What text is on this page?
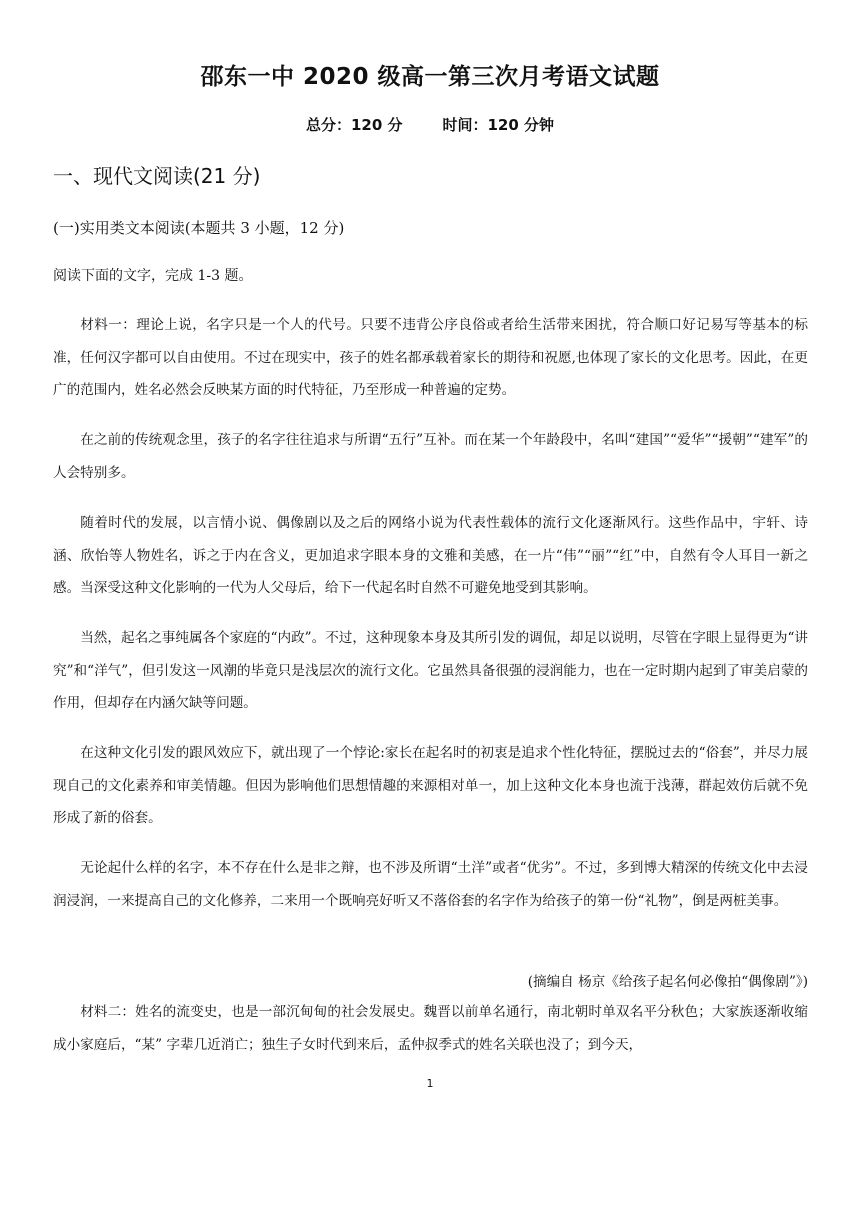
邵东一中 2020 级高一第三次月考语文试题
总分：120 分	时间：120 分钟
一、现代文阅读(21 分)
(一)实用类文本阅读(本题共 3 小题，12 分)
阅读下面的文字，完成 1-3 题。

材料一：理论上说，名字只是一个人的代号。只要不违背公序良俗或者给生活带来困扰，符合顺口好记易写等基本的标准，任何汉字都可以自由使用。不过在现实中，孩子的姓名都承载着家长的期待和祝愿,也体现了家长的文化思考。因此，在更广的范围内，姓名必然会反映某方面的时代特征，乃至形成一种普遍的定势。

在之前的传统观念里，孩子的名字往往追求与所谓“五行”互补。而在某一个年龄段中，名叫“建国”“爱华”“援朝”“建军”的人会特别多。

随着时代的发展，以言情小说、偶像剧以及之后的网络小说为代表性载体的流行文化逐渐风行。这些作品中，宇轩、诗涵、欣怡等人物姓名，诉之于内在含义，更加追求字眼本身的文雅和美感，在一片“伟”“丽”“红”中，自然有令人耳目一新之感。当深受这种文化影响的一代为人父母后，给下一代起名时自然不可避免地受到其影响。

当然，起名之事纯属各个家庭的“内政”。不过，这种现象本身及其所引发的调侃，却足以说明，尽管在字眼上显得更为“讲究”和“洋气”，但引发这一风潮的毕竟只是浅层次的流行文化。它虽然具备很强的浸润能力，也在一定时期内起到了审美启蒙的作用，但却存在内涵欠缺等问题。

在这种文化引发的跟风效应下，就出现了一个悖论:家长在起名时的初衷是追求个性化特征，摆脱过去的“俗套”，并尽力展现自己的文化素养和审美情趣。但因为影响他们思想情趣的来源相对单一，加上这种文化本身也流于浅薄，群起效仿后就不免形成了新的俗套。

无论起什么样的名字，本不存在什么是非之辩，也不涉及所谓“土洋”或者“优劣”。不过，多到博大精深的传统文化中去浸润浸润，一来提高自己的文化修养，二来用一个既响亮好听又不落俗套的名字作为给孩子的第一份“礼物”，倒是两桩美事。

(摘编自 杨京《给孩子起名何必像拍“偶像剧”》)

材料二：姓名的流变史，也是一部沉甸甸的社会发展史。魏晋以前单名通行，南北朝时单双名平分秋色；大家族逐渐收缩成小家庭后，“某” 字辈几近消亡；独生子女时代到来后，孟仲叔季式的姓名关联也没了；到今天，

1
